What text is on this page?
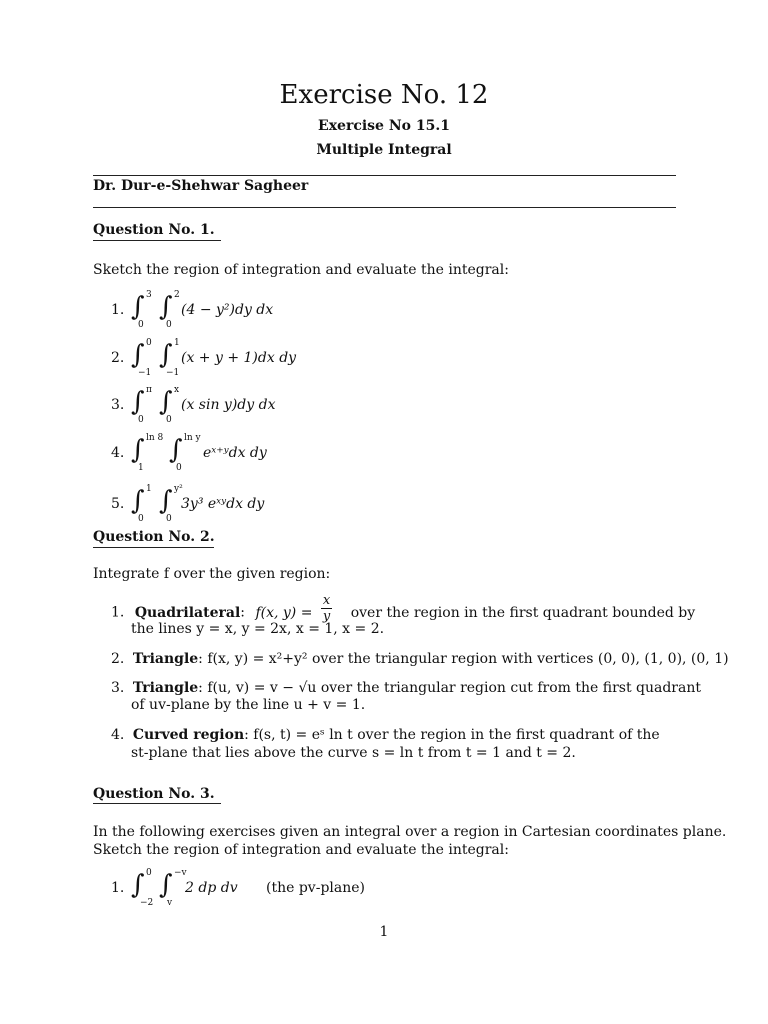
Exercise No. 12
Exercise No 15.1
Multiple Integral
Dr. Dur-e-Shehwar Sagheer
Question No. 1.
Sketch the region of integration and evaluate the integral:
1. ∫ 3
0
∫ 2
0
(4 − y²)dy dx
2. ∫ 0
−1
∫ 1
−1
(x + y + 1)dx dy
3. ∫ π
0
∫ x
0
(x sin y)dy dx
4. ∫ ln 8
1
∫ ln y
0
eˣ⁺ʸdx dy
5. ∫ 1
0
∫ y²
0
3y³ eˣʸdx dy
Question No. 2.
Integrate f over the given region:
1. Quadrilateral: f(x, $y) = \frac{x}{y}$ over the region in the first quadrant bounded by
the lines y = x, y = 2x, x = 1, x = 2.
2. Triangle: f(x, y) = x²+y² over the triangular region with vertices (0, 0), (1, 0), (0, 1)
3. Triangle: f(u, v) = v − √u over the triangular region cut from the first quadrant
of uv-plane by the line u + v = 1.
4. Curved region: f(s, t) = eˢ ln t over the region in the first quadrant of the
st-plane that lies above the curve s = ln t from t = 1 and t = 2.
Question No. 3.
In the following exercises given an integral over a region in Cartesian coordinates plane.
Sketch the region of integration and evaluate the integral:
1. ∫ 0
−2
∫ −v
v
2 dp dv (the pv-plane)
1
